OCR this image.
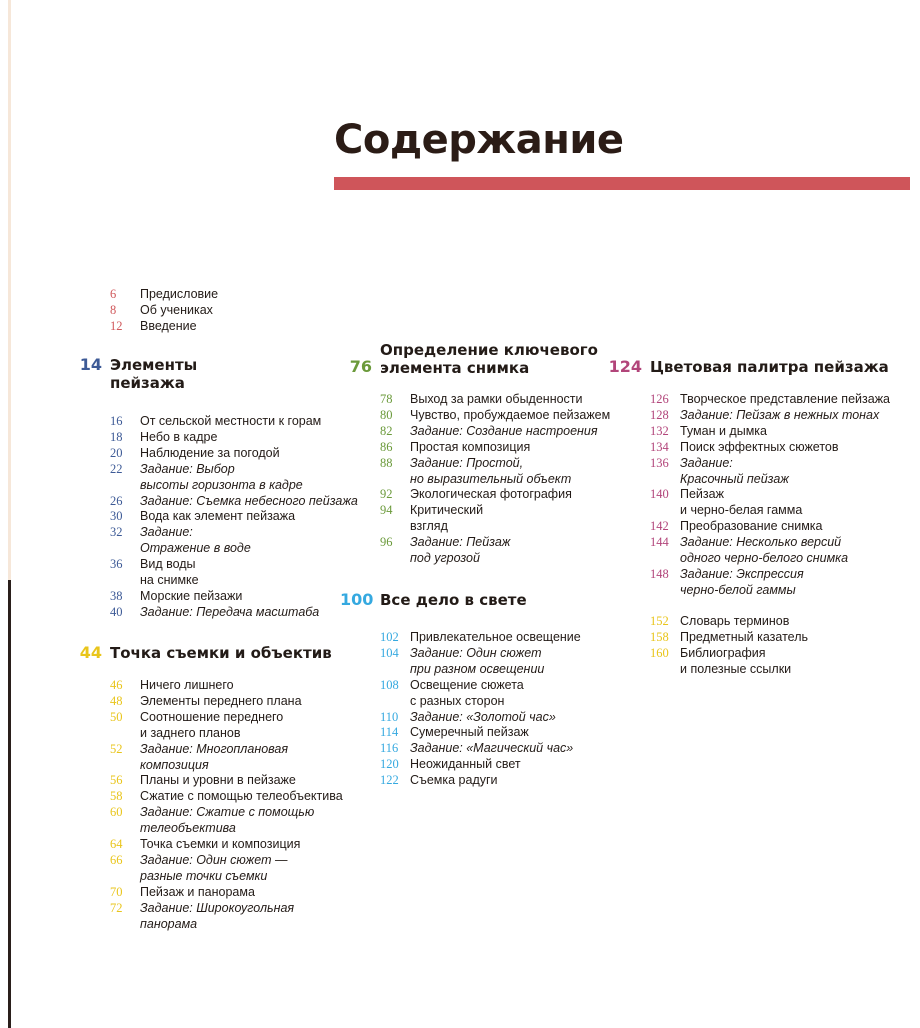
Содержание
6	Предисловие
8	Об учениках
12	Введение
14 Элементы
пейзажа
16	От сельской местности к горам
18	Небо в кадре
20	Наблюдение за погодой
22	Задание: Выбор
высоты горизонта в кадре
26	Задание: Съемка небесного пейзажа
30	Вода как элемент пейзажа
32	Задание:
Отражение в воде
36	Вид воды
на снимке
38	Морские пейзажи
40	Задание: Передача масштаба
44 Точка съемки и объектив
46	Ничего лишнего
48	Элементы переднего плана
50	Соотношение переднего
и заднего планов
52	Задание: Многоплановая
композиция
56	Планы и уровни в пейзаже
58	Сжатие с помощью телеобъектива
60	Задание: Сжатие с помощью
телеобъектива
64	Точка съемки и композиция
66	Задание: Один сюжет —
разные точки съемки
70	Пейзаж и панорама
72	Задание: Широкоугольная
панорама
76
Определение ключевого
элемента снимка
78	Выход за рамки обыденности
80	Чувство, пробуждаемое пейзажем
82	Задание: Создание настроения
86	Простая композиция
88	Задание: Простой,
но выразительный объект
92	Экологическая фотография
94	Критический
взгляд
96	Задание: Пейзаж
под угрозой
100 Все дело в свете
102 Привлекательное освещение
104 Задание: Один сюжет
при разном освещении
108 Освещение сюжета
с разных сторон
110 Задание: «Золотой час»
114 Сумеречный пейзаж
116 Задание: «Магический час»
120 Неожиданный свет
122 Съемка радуги
124 Цветовая палитра пейзажа
126 Творческое представление пейзажа
128 Задание: Пейзаж в нежных тонах
132 Туман и дымка
134 Поиск эффектных сюжетов
136 Задание:
Красочный пейзаж
140 Пейзаж
и черно-белая гамма
142 Преобразование снимка
144 Задание: Несколько версий
одного черно-белого снимка
148 Задание: Экспрессия
черно-белой гаммы
152 Словарь терминов
158 Предметный казатель
160 Библиография
и полезные ссылки
